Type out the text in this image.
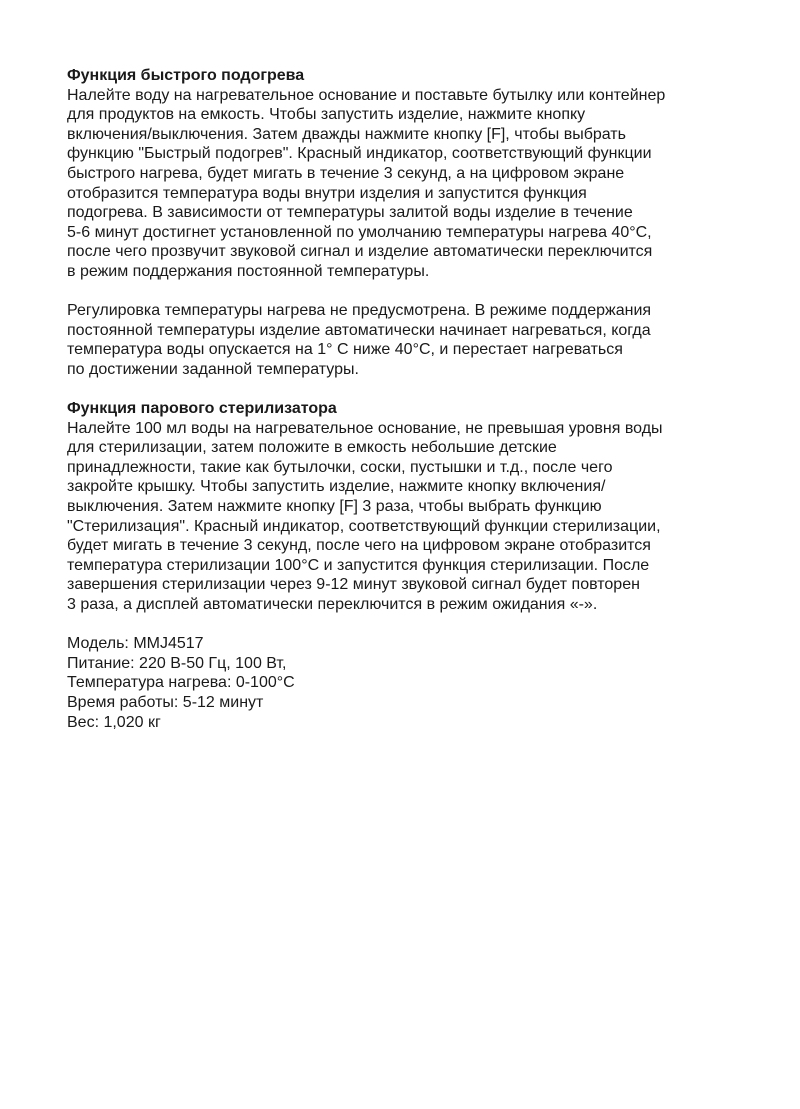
Функция быстрого подогрева

Налейте воду на нагревательное основание и поставьте бутылку или контейнер
для продуктов на емкость. Чтобы запустить изделие, нажмите кнопку
включения/выключения. Затем дважды нажмите кнопку [F], чтобы выбрать
функцию "Быстрый подогрев". Красный индикатор, соответствующий функции
быстрого нагрева, будет мигать в течение 3 секунд, а на цифровом экране
отобразится температура воды внутри изделия и запустится функция
подогрева. В зависимости от температуры залитой воды изделие в течение
5-6 минут достигнет установленной по умолчанию температуры нагрева 40°C,
после чего прозвучит звуковой сигнал и изделие автоматически переключится
в режим поддержания постоянной температуры.

Регулировка температуры нагрева не предусмотрена. В режиме поддержания
постоянной температуры изделие автоматически начинает нагреваться, когда
температура воды опускается на 1° C ниже 40°C, и перестает нагреваться
по достижении заданной температуры.

Функция парового стерилизатора

Налейте 100 мл воды на нагревательное основание, не превышая уровня воды
для стерилизации, затем положите в емкость небольшие детские
принадлежности, такие как бутылочки, соски, пустышки и т.д., после чего
закройте крышку. Чтобы запустить изделие, нажмите кнопку включения/
выключения. Затем нажмите кнопку [F] 3 раза, чтобы выбрать функцию
"Стерилизация". Красный индикатор, соответствующий функции стерилизации,
будет мигать в течение 3 секунд, после чего на цифровом экране отобразится
температура стерилизации 100°C и запустится функция стерилизации. После
завершения стерилизации через 9-12 минут звуковой сигнал будет повторен
3 раза, а дисплей автоматически переключится в режим ожидания «-».

Модель: MMJ4517
Питание: 220 В-50 Гц, 100 Вт,
Температура нагрева: 0-100°C
Время работы: 5-12 минут
Вес: 1,020 кг
